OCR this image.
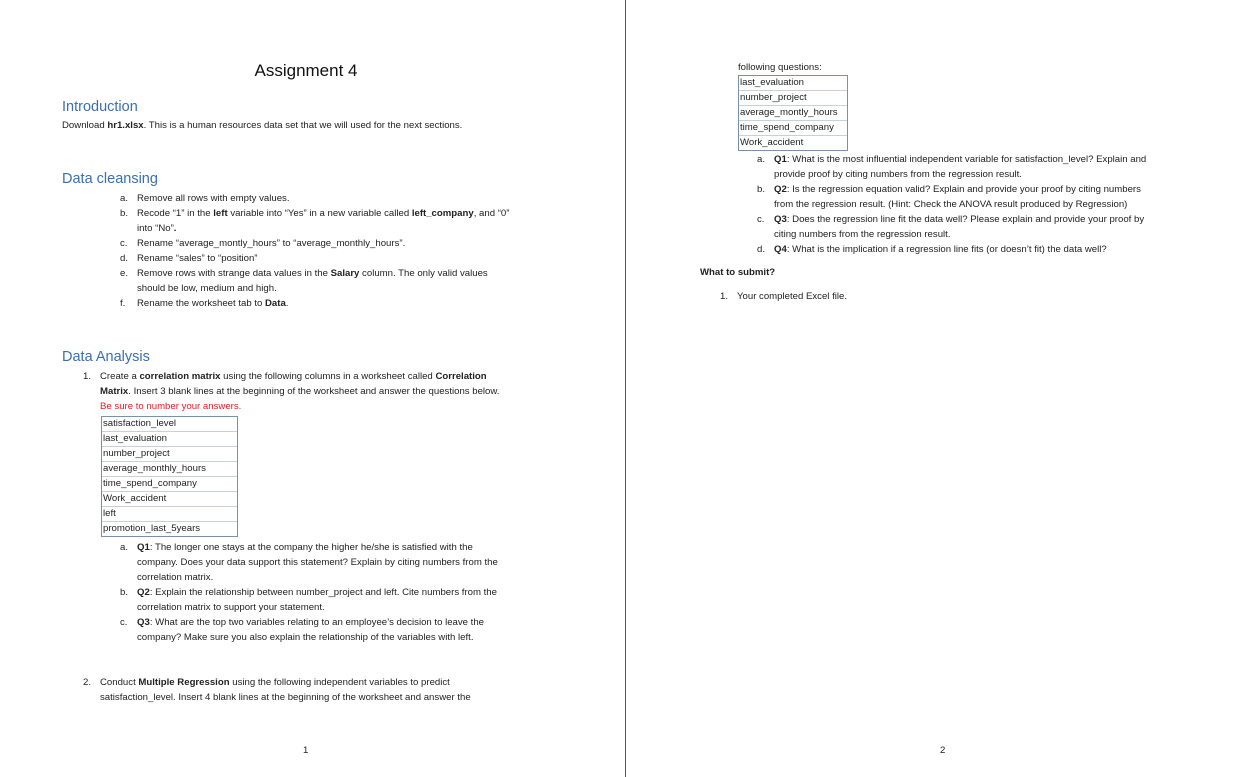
Assignment 4
Introduction
Download hr1.xlsx. This is a human resources data set that we will used for the next sections.
Data cleansing
a. Remove all rows with empty values.
b. Recode “1” in the left variable into “Yes” in a new variable called left_company, and “0”
into “No”.
c. Rename “average_montly_hours” to “average_monthly_hours”.
d. Rename “sales” to “position”
e. Remove rows with strange data values in the Salary column. The only valid values
should be low, medium and high.
f. Rename the worksheet tab to Data.
Data Analysis
1. Create a correlation matrix using the following columns in a worksheet called Correlation
Matrix. Insert 3 blank lines at the beginning of the worksheet and answer the questions below.
Be sure to number your answers.
satisfaction_level
last_evaluation
number_project
average_monthly_hours
time_spend_company
Work_accident
left
promotion_last_5years
a. Q1: The longer one stays at the company the higher he/she is satisfied with the
company. Does your data support this statement? Explain by citing numbers from the
correlation matrix.
b. Q2: Explain the relationship between number_project and left. Cite numbers from the
correlation matrix to support your statement.
c. Q3: What are the top two variables relating to an employee’s decision to leave the
company? Make sure you also explain the relationship of the variables with left.
2. Conduct Multiple Regression using the following independent variables to predict
satisfaction_level. Insert 4 blank lines at the beginning of the worksheet and answer the
1
following questions:
last_evaluation
number_project
average_montly_hours
time_spend_company
Work_accident
a. Q1: What is the most influential independent variable for satisfaction_level? Explain and
provide proof by citing numbers from the regression result.
b. Q2: Is the regression equation valid? Explain and provide your proof by citing numbers
from the regression result. (Hint: Check the ANOVA result produced by Regression)
c. Q3: Does the regression line fit the data well? Please explain and provide your proof by
citing numbers from the regression result.
d. Q4: What is the implication if a regression line fits (or doesn’t fit) the data well?
What to submit?
1. Your completed Excel file.
2
